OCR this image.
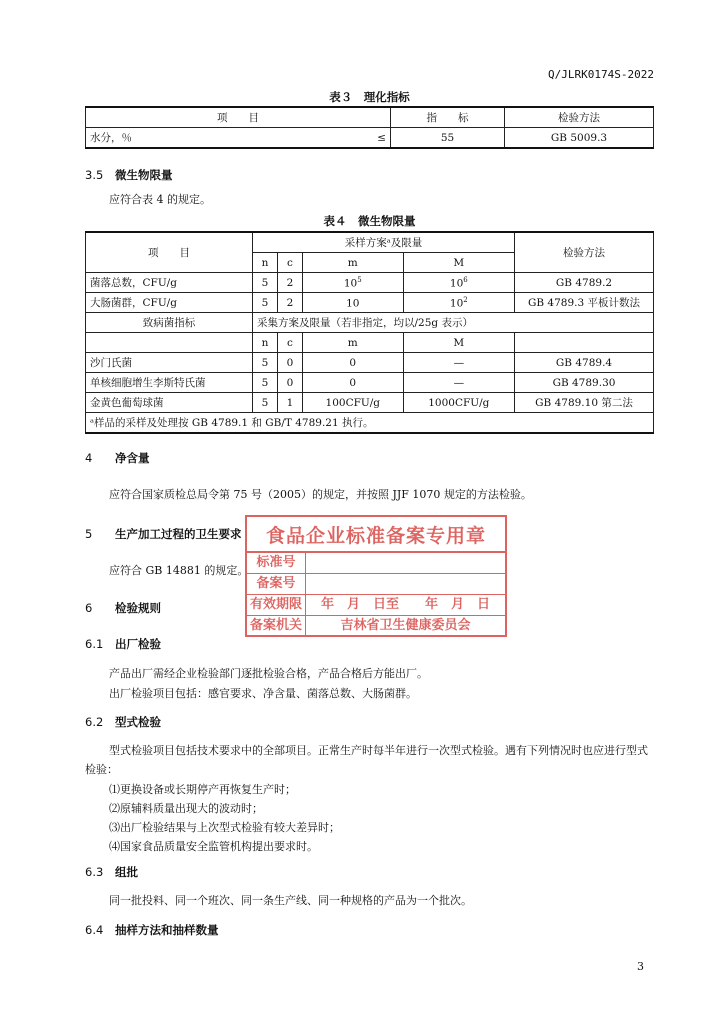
Q/JLRK0174S-2022
表３　理化指标
项　　目		指　　标	检验方法
水分，％	≤	55	GB 5009.3
3.5 微生物限量
应符合表 4 的规定。
表４　微生物限量
项　　目	采样方案ᵃ及限量				检验方法
	n	c	m	M	
菌落总数，CFU/g	5	2	$10^5$	$10^6$	GB 4789.2
大肠菌群，CFU/g	5	2	10	$10^2$	GB 4789.3 平板计数法
致病菌指标	采集方案及限量（若非指定，均以/25g 表示）				
	n	c	m	M	
沙门氏菌	5	0	0	—	GB 4789.4
单核细胞增生李斯特氏菌	5	0	0	—	GB 4789.30
金黄色葡萄球菌	5	1	100CFU/g	1000CFU/g	GB 4789.10 第二法
ᵃ样品的采样及处理按 GB 4789.1 和 GB/T 4789.21 执行。					
4 净含量
应符合国家质检总局令第 75 号（2005）的规定，并按照 JJF 1070 规定的方法检验。
5 生产加工过程的卫生要求
应符合 GB 14881 的规定。
6 检验规则
6.1 出厂检验
产品出厂需经企业检验部门逐批检验合格，产品合格后方能出厂。
出厂检验项目包括：感官要求、净含量、菌落总数、大肠菌群。
6.2 型式检验
型式检验项目包括技术要求中的全部项目。正常生产时每半年进行一次型式检验。遇有下列情况时也应进行型式检验：
⑴更换设备或长期停产再恢复生产时；
⑵原辅料质量出现大的波动时；
⑶出厂检验结果与上次型式检验有较大差异时；
⑷国家食品质量安全监管机构提出要求时。
6.3 组批
同一批投料、同一个班次、同一条生产线、同一种规格的产品为一个批次。
6.4 抽样方法和抽样数量
食品企业标准备案专用章
标准号
备案号
有效期限	年　月　日至　　年　月　日
备案机关	吉林省卫生健康委员会
3
